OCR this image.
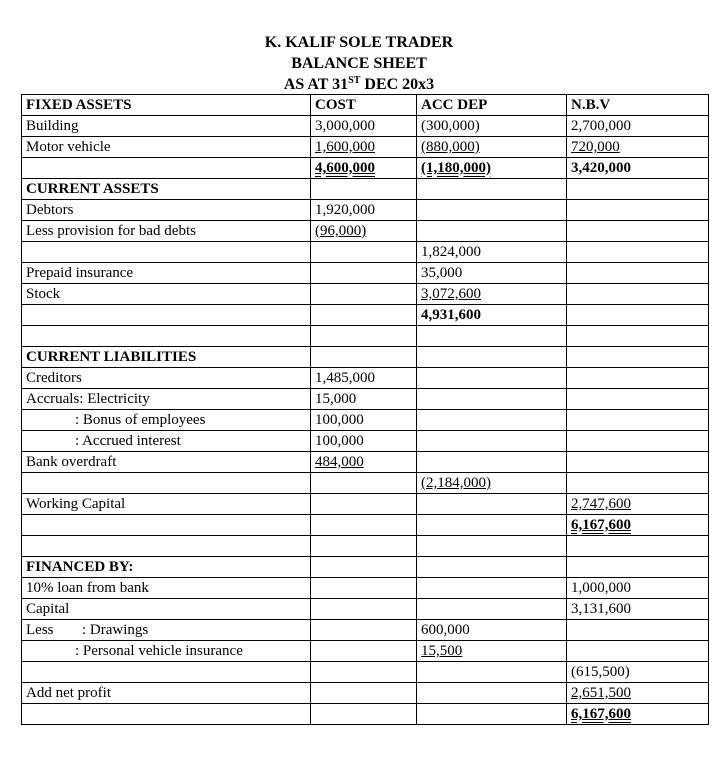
K. KALIF SOLE TRADER
BALANCE SHEET
AS AT 31ST DEC 20x3
FIXED ASSETS	COST	ACC DEP	N.B.V
Building	3,000,000	(300,000)	2,700,000
Motor vehicle	1,600,000	(880,000)	720,000
	4,600,000	(1,180,000)	3,420,000
CURRENT ASSETS			
Debtors	1,920,000		
Less provision for bad debts	(96,000)		
		1,824,000	
Prepaid insurance		35,000	
Stock		3,072,600	
		4,931,600	

CURRENT LIABILITIES			
Creditors	1,485,000		
Accruals: Electricity	15,000		
: Bonus of employees	100,000		
: Accrued interest	100,000		
Bank overdraft	484,000		
		(2,184,000)	
Working Capital			2,747,600
			6,167,600

FINANCED BY:			
10% loan from bank			1,000,000
Capital			3,131,600
Less : Drawings		600,000	
: Personal vehicle insurance		15,500	
			(615,500)
Add net profit			2,651,500
			6,167,600
